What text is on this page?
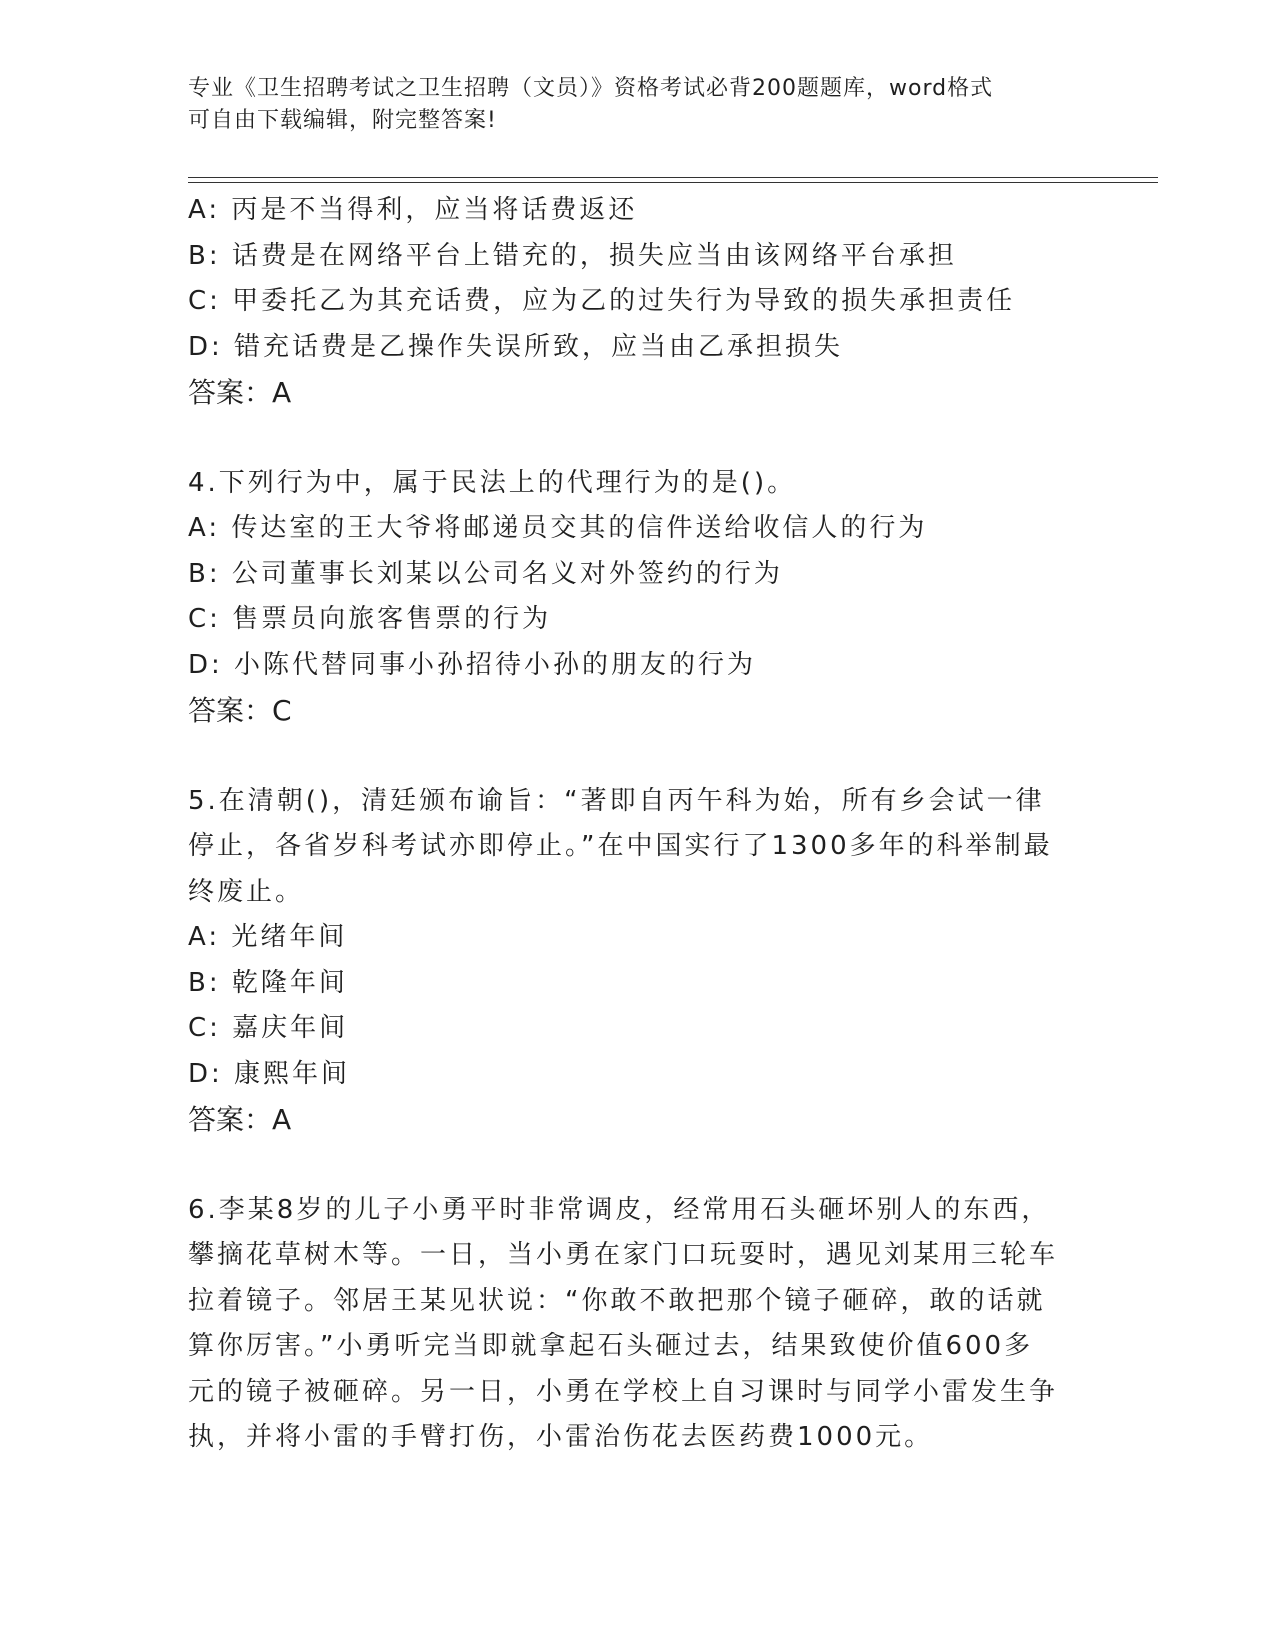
专业《卫生招聘考试之卫生招聘（文员）》资格考试必背200题题库，word格式
可自由下载编辑，附完整答案!
A: 丙是不当得利，应当将话费返还
B: 话费是在网络平台上错充的，损失应当由该网络平台承担
C: 甲委托乙为其充话费，应为乙的过失行为导致的损失承担责任
D: 错充话费是乙操作失误所致，应当由乙承担损失
答案：A
4.下列行为中，属于民法上的代理行为的是()。
A: 传达室的王大爷将邮递员交其的信件送给收信人的行为
B: 公司董事长刘某以公司名义对外签约的行为
C: 售票员向旅客售票的行为
D: 小陈代替同事小孙招待小孙的朋友的行为
答案：C
5.在清朝()，清廷颁布谕旨：“著即自丙午科为始，所有乡会试一律
停止，各省岁科考试亦即停止。”在中国实行了1300多年的科举制最
终废止。
A: 光绪年间
B: 乾隆年间
C: 嘉庆年间
D: 康熙年间
答案：A
6.李某8岁的儿子小勇平时非常调皮，经常用石头砸坏别人的东西，
攀摘花草树木等。一日，当小勇在家门口玩耍时，遇见刘某用三轮车
拉着镜子。邻居王某见状说：“你敢不敢把那个镜子砸碎，敢的话就
算你厉害。”小勇听完当即就拿起石头砸过去，结果致使价值600多
元的镜子被砸碎。另一日，小勇在学校上自习课时与同学小雷发生争
执，并将小雷的手臂打伤，小雷治伤花去医药费1000元。
